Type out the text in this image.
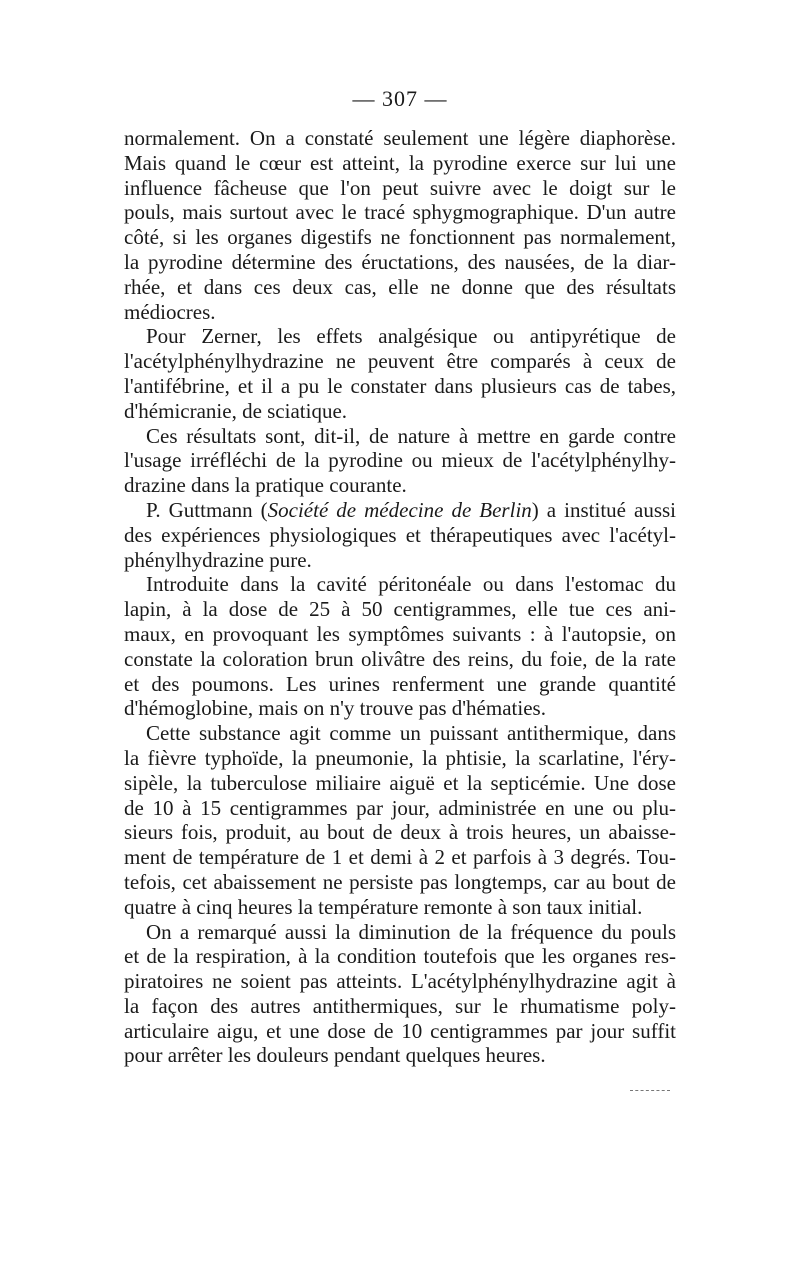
— 307 —
normalement. On a constaté seulement une légère diaphorèse.
Mais quand le cœur est atteint, la pyrodine exerce sur lui une
influence fâcheuse que l'on peut suivre avec le doigt sur le
pouls, mais surtout avec le tracé sphygmographique. D'un autre
côté, si les organes digestifs ne fonctionnent pas normalement,
la pyrodine détermine des éructations, des nausées, de la diar-
rhée, et dans ces deux cas, elle ne donne que des résultats
médiocres.
Pour Zerner, les effets analgésique ou antipyrétique de
l'acétylphénylhydrazine ne peuvent être comparés à ceux de
l'antifébrine, et il a pu le constater dans plusieurs cas de tabes,
d'hémicranie, de sciatique.
Ces résultats sont, dit-il, de nature à mettre en garde contre
l'usage irréfléchi de la pyrodine ou mieux de l'acétylphénylhy-
drazine dans la pratique courante.
P. Guttmann (Société de médecine de Berlin) a institué aussi
des expériences physiologiques et thérapeutiques avec l'acétyl-
phénylhydrazine pure.
Introduite dans la cavité péritonéale ou dans l'estomac du
lapin, à la dose de 25 à 50 centigrammes, elle tue ces ani-
maux, en provoquant les symptômes suivants : à l'autopsie, on
constate la coloration brun olivâtre des reins, du foie, de la rate
et des poumons. Les urines renferment une grande quantité
d'hémoglobine, mais on n'y trouve pas d'hématies.
Cette substance agit comme un puissant antithermique, dans
la fièvre typhoïde, la pneumonie, la phtisie, la scarlatine, l'éry-
sipèle, la tuberculose miliaire aiguë et la septicémie. Une dose
de 10 à 15 centigrammes par jour, administrée en une ou plu-
sieurs fois, produit, au bout de deux à trois heures, un abaisse-
ment de température de 1 et demi à 2 et parfois à 3 degrés. Tou-
tefois, cet abaissement ne persiste pas longtemps, car au bout de
quatre à cinq heures la température remonte à son taux initial.
On a remarqué aussi la diminution de la fréquence du pouls
et de la respiration, à la condition toutefois que les organes res-
piratoires ne soient pas atteints. L'acétylphénylhydrazine agit à
la façon des autres antithermiques, sur le rhumatisme poly-
articulaire aigu, et une dose de 10 centigrammes par jour suffit
pour arrêter les douleurs pendant quelques heures.
